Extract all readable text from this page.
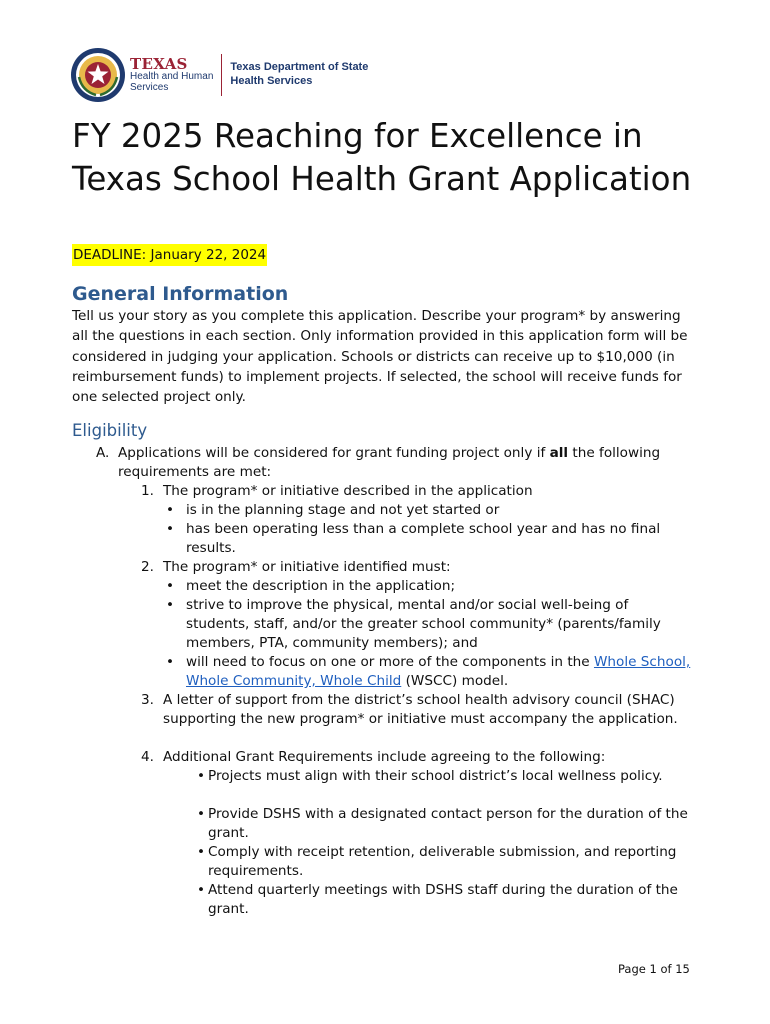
TEXAS
Health and Human
Services
Texas Department of State
Health Services
FY 2025 Reaching for Excellence in Texas School Health Grant Application
DEADLINE: January 22, 2024
General Information

Tell us your story as you complete this application. Describe your program* by answering all the questions in each section. Only information provided in this application form will be considered in judging your application. Schools or districts can receive up to $10,000 (in reimbursement funds) to implement projects. If selected, the school will receive funds for one selected project only.

Eligibility
A. Applications will be considered for grant funding project only if all the following requirements are met:
1. The program* or initiative described in the application
• is in the planning stage and not yet started or
• has been operating less than a complete school year and has no final results.
2. The program* or initiative identified must:
• meet the description in the application;
• strive to improve the physical, mental and/or social well-being of students, staff, and/or the greater school community* (parents/family members, PTA, community members); and
• will need to focus on one or more of the components in the Whole School, Whole Community, Whole Child (WSCC) model.
3. A letter of support from the district’s school health advisory council (SHAC) supporting the new program* or initiative must accompany the application.
4. Additional Grant Requirements include agreeing to the following:
• Projects must align with their school district’s local wellness policy.
• Provide DSHS with a designated contact person for the duration of the grant.
• Comply with receipt retention, deliverable submission, and reporting requirements.
• Attend quarterly meetings with DSHS staff during the duration of the grant.
Page 1 of 15
